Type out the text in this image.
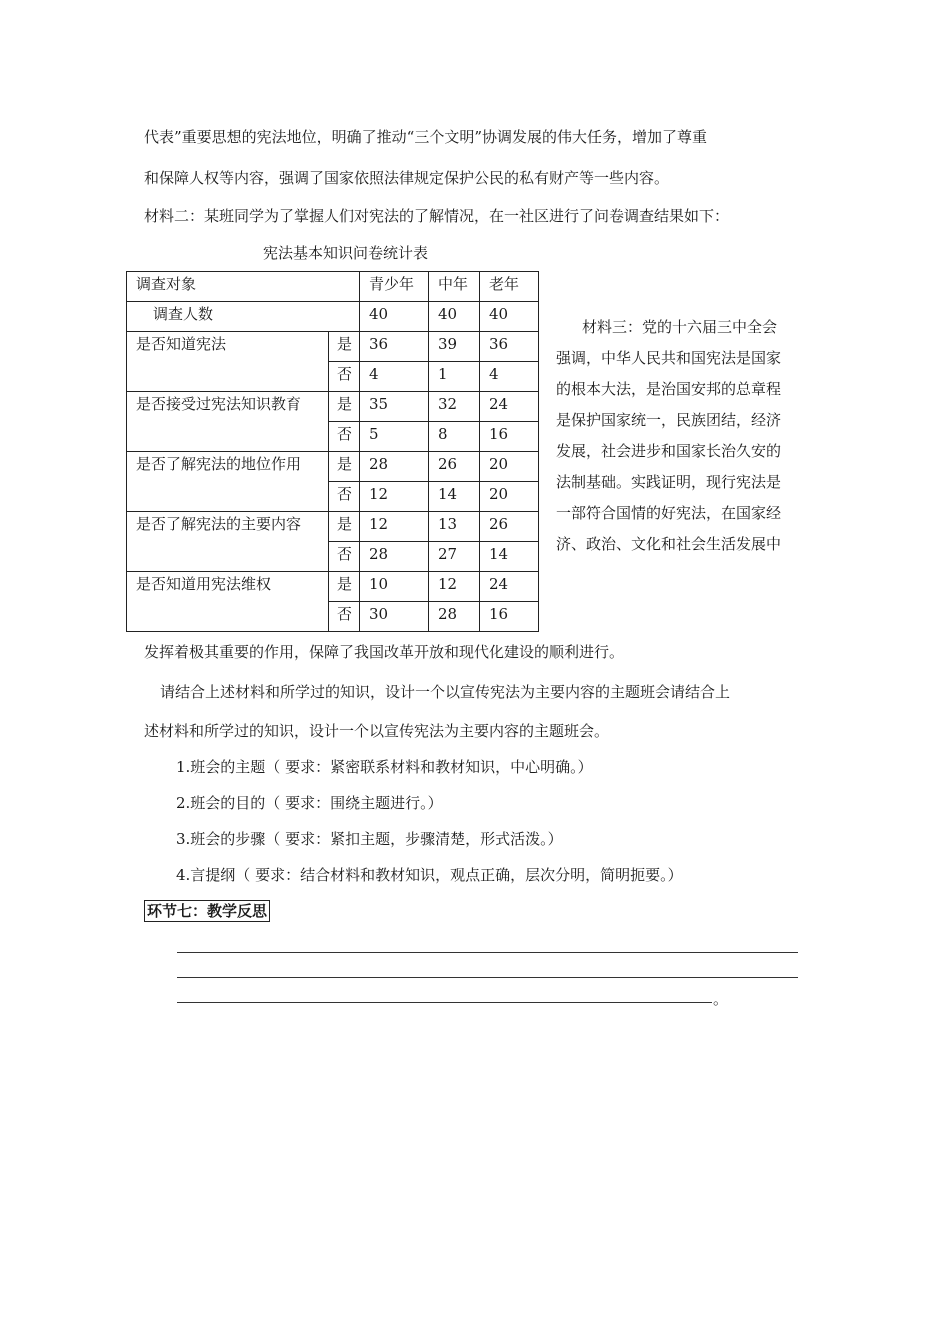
代表”重要思想的宪法地位，明确了推动“三个文明”协调发展的伟大任务，增加了尊重
和保障人权等内容，强调了国家依照法律规定保护公民的私有财产等一些内容。
材料二：某班同学为了掌握人们对宪法的了解情况，在一社区进行了问卷调查结果如下：
宪法基本知识问卷统计表
调查对象		青少年	中年	老年
调查人数		40	40	40
是否知道宪法	是	36	39	36
	否	4	1	4
是否接受过宪法知识教育	是	35	32	24
	否	5	8	16
是否了解宪法的地位作用	是	28	26	20
	否	12	14	20
是否了解宪法的主要内容	是	12	13	26
	否	28	27	14
是否知道用宪法维权	是	10	12	24
	否	30	28	16

材料三：党的十六届三中全会

强调，中华人民共和国宪法是国家

的根本大法，是治国安邦的总章程

是保护国家统一，民族团结，经济

发展，社会进步和国家长治久安的

法制基础。实践证明，现行宪法是

一部符合国情的好宪法，在国家经

济、政治、文化和社会生活发展中

发挥着极其重要的作用，保障了我国改革开放和现代化建设的顺利进行。
请结合上述材料和所学过的知识，设计一个以宣传宪法为主要内容的主题班会请结合上
述材料和所学过的知识，设计一个以宣传宪法为主要内容的主题班会。
1.班会的主题（ 要求：紧密联系材料和教材知识，中心明确。）
2.班会的目的（ 要求：围绕主题进行。）
3.班会的步骤（ 要求：紧扣主题，步骤清楚，形式活泼。）
4.言提纲（ 要求：结合材料和教材知识，观点正确，层次分明，简明扼要。）
环节七：教学反思
。
